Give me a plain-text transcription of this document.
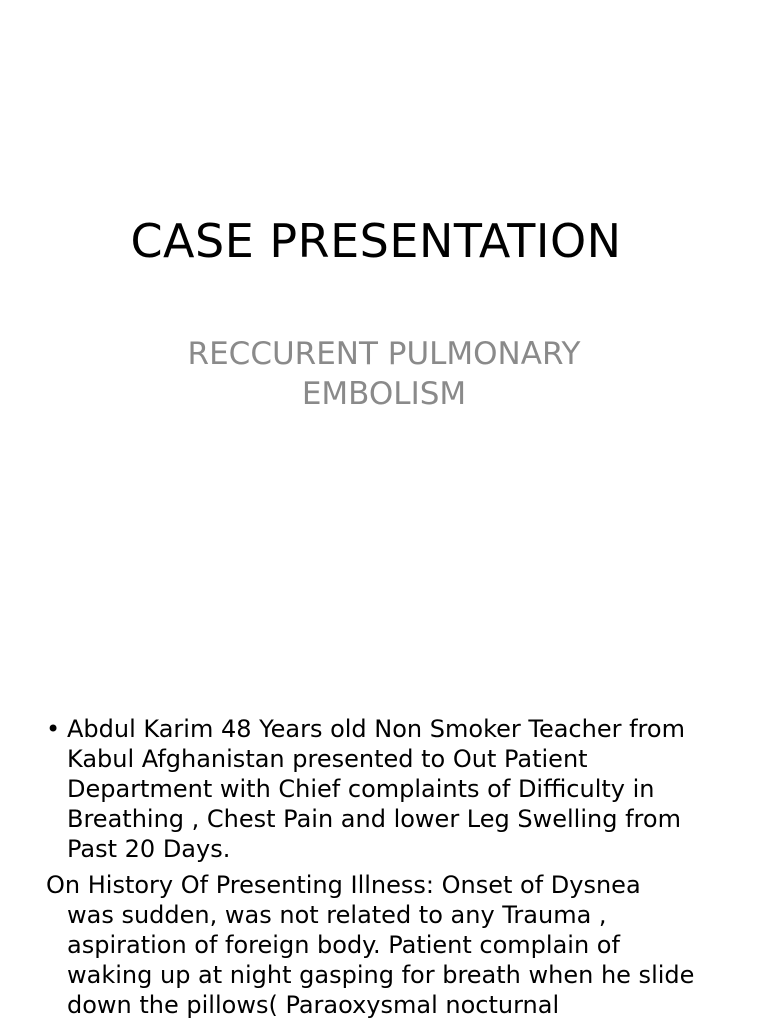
CASE PRESENTATION
RECCURENT PULMONARY
EMBOLISM
• Abdul Karim 48 Years old Non Smoker Teacher from
Kabul Afghanistan presented to Out Patient
Department with Chief complaints of Difficulty in
Breathing , Chest Pain and lower Leg Swelling from
Past 20 Days.
On History Of Presenting Illness: Onset of Dysnea
was sudden, was not related to any Trauma ,
aspiration of foreign body. Patient complain of
waking up at night gasping for breath when he slide
down the pillows( Paraoxysmal nocturnal
